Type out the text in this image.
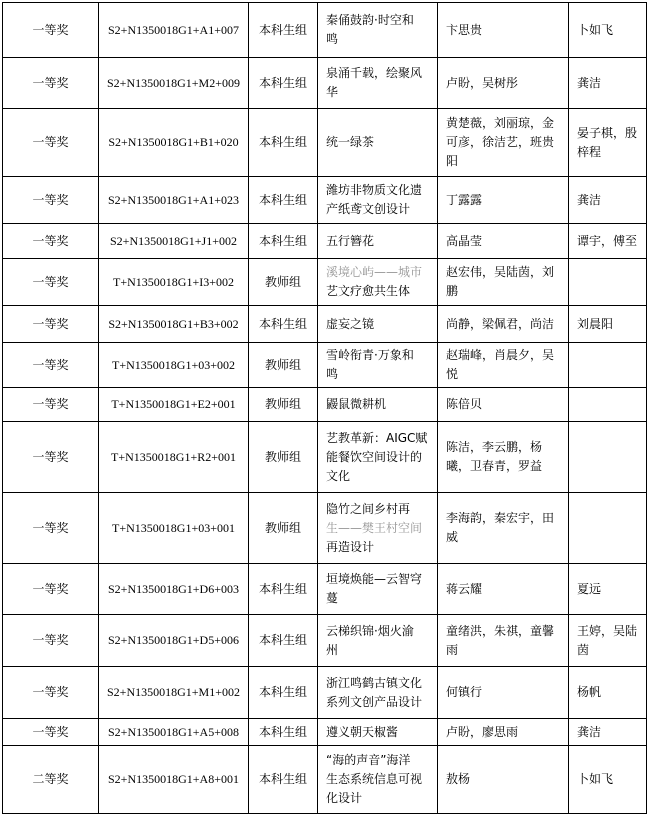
一等奖	S2+N1350018G1+A1+007	本科生组	秦俑鼓韵·时空和
鸣	卞思贵	卜如飞
一等奖	S2+N1350018G1+M2+009	本科生组	泉涌千载，绘聚风
华	卢盼，吴树彤	龚洁
一等奖	S2+N1350018G1+B1+020	本科生组	统一绿茶	黄楚薇，刘丽琼，金可彦，徐洁艺，班贵阳	晏子棋，殷梓程
一等奖	S2+N1350018G1+A1+023	本科生组	潍坊非物质文化遗
产纸鸢文创设计	丁露露	龚洁
一等奖	S2+N1350018G1+J1+002	本科生组	五行簪花	高晶莹	谭宇，傅至
一等奖	T+N1350018G1+I3+002	教师组	溪境心屿——城市
艺文疗愈共生体	赵宏伟，吴陆茵，刘鹏	
一等奖	S2+N1350018G1+B3+002	本科生组	虚妄之镜	尚静，梁佩君，尚洁	刘晨阳
一等奖	T+N1350018G1+03+002	教师组	雪岭衔青·万象和
鸣	赵瑞峰，肖晨夕，吴悦	
一等奖	T+N1350018G1+E2+001	教师组	鼹鼠微耕机	陈倍贝	
一等奖	T+N1350018G1+R2+001	教师组	艺教革新：AIGC赋
能餐饮空间设计的
文化	陈洁，李云鹏，杨曦，卫春青，罗益	
一等奖	T+N1350018G1+03+001	教师组	隐竹之间乡村再
生——樊王村空间
再造设计	李海韵，秦宏宇，田威	
一等奖	S2+N1350018G1+D6+003	本科生组	垣境焕能—云智穹
蔓	蒋云耀	夏远
一等奖	S2+N1350018G1+D5+006	本科生组	云梯织锦·烟火渝
州	童绪洪，朱祺，童馨雨	王婷，吴陆茵
一等奖	S2+N1350018G1+M1+002	本科生组	浙江鸣鹤古镇文化
系列文创产品设计	何镇行	杨帆
一等奖	S2+N1350018G1+A5+008	本科生组	遵义朝天椒酱	卢盼，廖思雨	龚洁
二等奖	S2+N1350018G1+A8+001	本科生组	“海的声音”海洋
生态系统信息可视
化设计	敖杨	卜如飞
